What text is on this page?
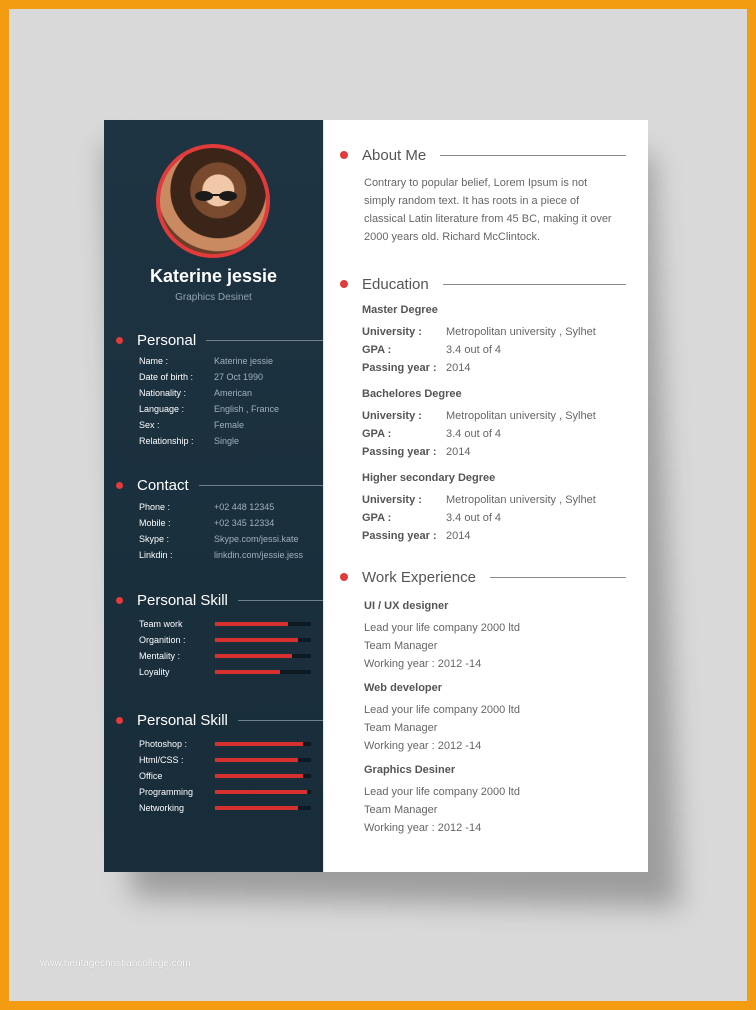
Katerine jessie
Graphics Desinet
Personal
Name :	Katerine jessie
Date of birth :	27 Oct 1990
Nationality :	American
Language :	English , France
Sex :	Female
Relationship :	Single
Contact
Phone :	+02 448 12345
Mobile :	+02 345 12334
Skype :	Skype.com/jessi.kate
Linkdin :	linkdin.com/jessie.jess
Personal Skill
Team work
Organition :
Mentality :
Loyality
Personal Skill
Photoshop :
Html/CSS :
Office
Programming
Networking
About Me
Contrary to popular belief, Lorem Ipsum is not simply random text. It has roots in a piece of classical Latin literature from 45 BC, making it over 2000 years old. Richard McClintock.
Education
Master Degree
University :	Metropolitan university , Sylhet
GPA :	3.4 out of 4
Passing year : 2014
Bachelores Degree
University :	Metropolitan university , Sylhet
GPA :	3.4 out of 4
Passing year : 2014
Higher secondary Degree
University :	Metropolitan university , Sylhet
GPA :	3.4 out of 4
Passing year : 2014
Work Experience
UI / UX designer
Lead your life company 2000 ltd
Team Manager
Working year : 2012 -14
Web developer
Lead your life company 2000 ltd
Team Manager
Working year : 2012 -14
Graphics Desiner
Lead your life company 2000 ltd
Team Manager
Working year : 2012 -14
www.heritagechristiancollege.com
